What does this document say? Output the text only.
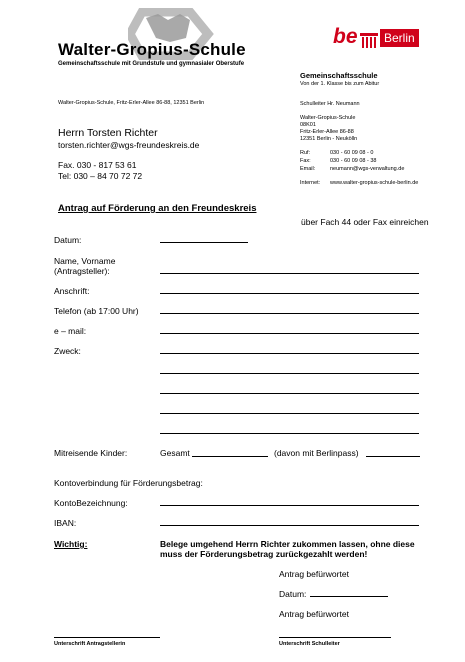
Walter-Gropius-Schule
Gemeinschaftsschule mit Grundstufe und gymnasialer Oberstufe
Walter-Gropius-Schule, Fritz-Erler-Allee 86-88, 12351 Berlin
be	Berlin
Gemeinschaftsschule
Von der 1. Klasse bis zum Abitur
Schulleiter Hr. Neumann
Walter-Gropius-Schule
08K01
Fritz-Erler-Allee 86-88
12351 Berlin - Neukölln
Ruf:	030 - 60 09 08 - 0
Fax:	030 - 60 09 08 - 38
Email:	neumann@wgs-verwaltung.de
Internet: www.walter-gropius-schule-berlin.de
Herrn Torsten Richter
torsten.richter@wgs-freundeskreis.de
Fax. 030 - 817 53 61
Tel: 030 – 84 70 72 72
Antrag auf Förderung an den Freundeskreis
über Fach 44 oder Fax einreichen
Datum:
Name, Vorname
(Antragsteller):
Anschrift:
Telefon (ab 17:00 Uhr)
e – mail:
Zweck:
Mitreisende Kinder:	Gesamt	(davon mit Berlinpass)
Kontoverbindung für Förderungsbetrag:
KontoBezeichnung:
IBAN:
Wichtig:	Belege umgehend Herrn Richter zukommen lassen, ohne diese
muss der Förderungsbetrag zurückgezahlt werden!
Antrag befürwortet
Datum:
Antrag befürwortet
Unterschrift Antragstellerin	Unterschrift Schulleiter
